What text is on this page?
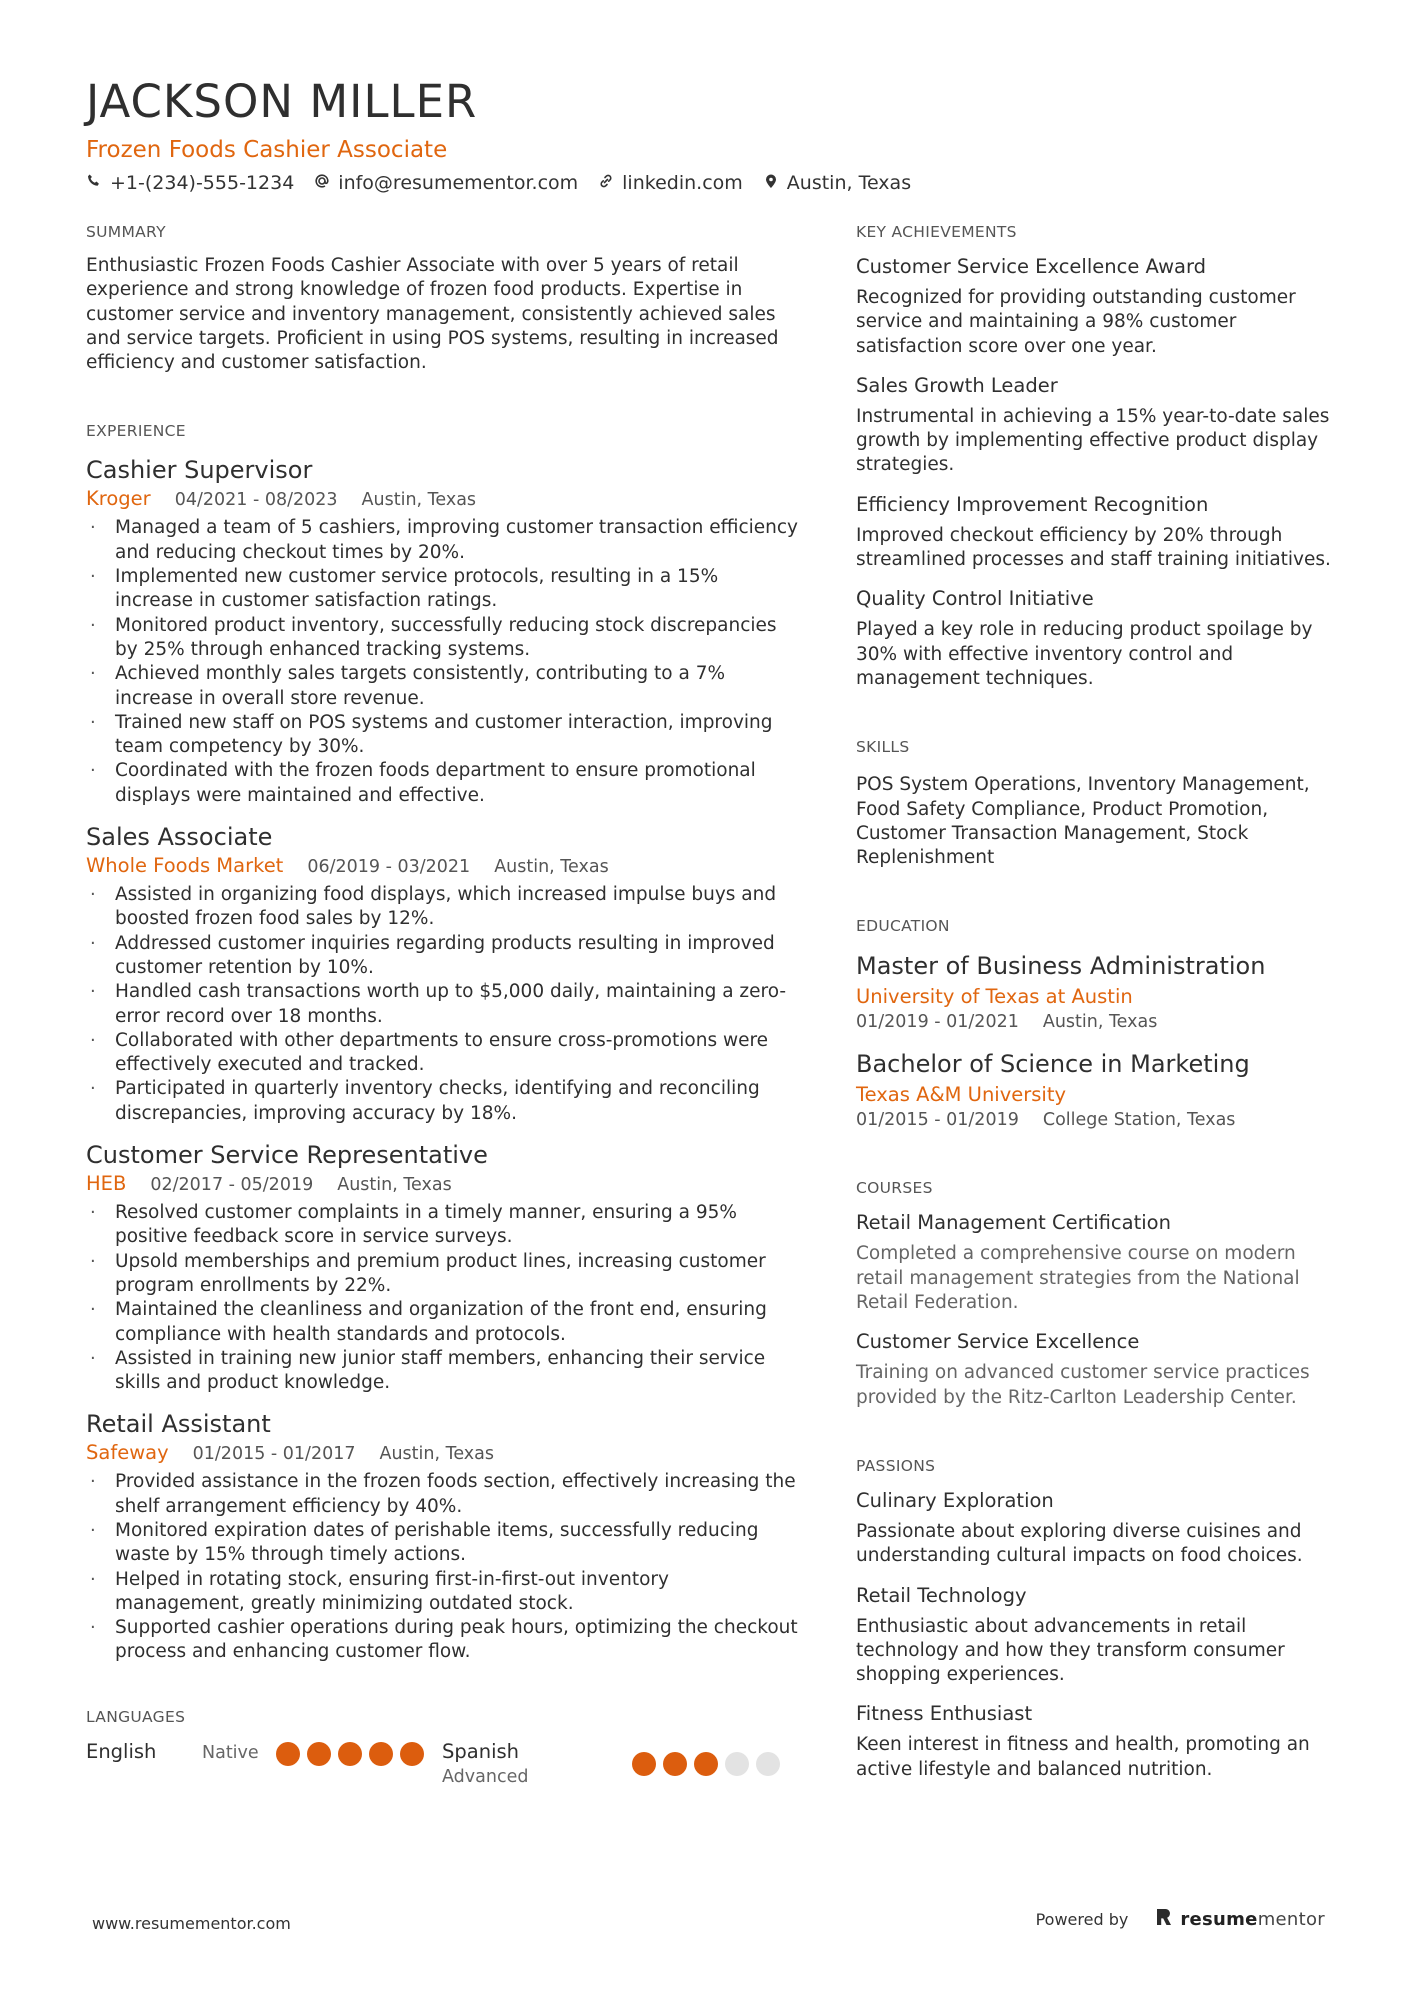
JACKSON MILLER
Frozen Foods Cashier Associate
+1-(234)-555-1234 info@resumementor.com linkedin.com Austin, Texas
SUMMARY

Enthusiastic Frozen Foods Cashier Associate with over 5 years of retail experience and strong knowledge of frozen food products. Expertise in customer service and inventory management, consistently achieved sales and service targets. Proficient in using POS systems, resulting in increased efficiency and customer satisfaction.

EXPERIENCE
Cashier Supervisor
Kroger 04/2021 - 08/2023 Austin, Texas
· Managed a team of 5 cashiers, improving customer transaction efficiency and reducing checkout times by 20%.
· Implemented new customer service protocols, resulting in a 15% increase in customer satisfaction ratings.
· Monitored product inventory, successfully reducing stock discrepancies by 25% through enhanced tracking systems.
· Achieved monthly sales targets consistently, contributing to a 7% increase in overall store revenue.
· Trained new staff on POS systems and customer interaction, improving team competency by 30%.
· Coordinated with the frozen foods department to ensure promotional displays were maintained and effective.
Sales Associate
Whole Foods Market 06/2019 - 03/2021 Austin, Texas
· Assisted in organizing food displays, which increased impulse buys and boosted frozen food sales by 12%.
· Addressed customer inquiries regarding products resulting in improved customer retention by 10%.
· Handled cash transactions worth up to $5,000 daily, maintaining a zero-error record over 18 months.
· Collaborated with other departments to ensure cross-promotions were effectively executed and tracked.
· Participated in quarterly inventory checks, identifying and reconciling discrepancies, improving accuracy by 18%.
Customer Service Representative
HEB 02/2017 - 05/2019 Austin, Texas
· Resolved customer complaints in a timely manner, ensuring a 95% positive feedback score in service surveys.
· Upsold memberships and premium product lines, increasing customer program enrollments by 22%.
· Maintained the cleanliness and organization of the front end, ensuring compliance with health standards and protocols.
· Assisted in training new junior staff members, enhancing their service skills and product knowledge.
Retail Assistant
Safeway 01/2015 - 01/2017 Austin, Texas
· Provided assistance in the frozen foods section, effectively increasing the shelf arrangement efficiency by 40%.
· Monitored expiration dates of perishable items, successfully reducing waste by 15% through timely actions.
· Helped in rotating stock, ensuring first-in-first-out inventory management, greatly minimizing outdated stock.
· Supported cashier operations during peak hours, optimizing the checkout process and enhancing customer flow.
LANGUAGES
English	Native	Spanish
Advanced
KEY ACHIEVEMENTS
Customer Service Excellence Award

Recognized for providing outstanding customer service and maintaining a 98% customer satisfaction score over one year.

Sales Growth Leader

Instrumental in achieving a 15% year-to-date sales growth by implementing effective product display strategies.

Efficiency Improvement Recognition

Improved checkout efficiency by 20% through streamlined processes and staff training initiatives.

Quality Control Initiative

Played a key role in reducing product spoilage by 30% with effective inventory control and management techniques.

SKILLS

POS System Operations, Inventory Management, Food Safety Compliance, Product Promotion, Customer Transaction Management, Stock Replenishment

EDUCATION
Master of Business Administration
University of Texas at Austin
01/2019 - 01/2021 Austin, Texas
Bachelor of Science in Marketing
Texas A&M University
01/2015 - 01/2019 College Station, Texas
COURSES
Retail Management Certification

Completed a comprehensive course on modern retail management strategies from the National Retail Federation.

Customer Service Excellence

Training on advanced customer service practices provided by the Ritz-Carlton Leadership Center.

PASSIONS
Culinary Exploration

Passionate about exploring diverse cuisines and understanding cultural impacts on food choices.

Retail Technology

Enthusiastic about advancements in retail technology and how they transform consumer shopping experiences.

Fitness Enthusiast

Keen interest in fitness and health, promoting an active lifestyle and balanced nutrition.

www.resumementor.com	Powered by	resumementor
